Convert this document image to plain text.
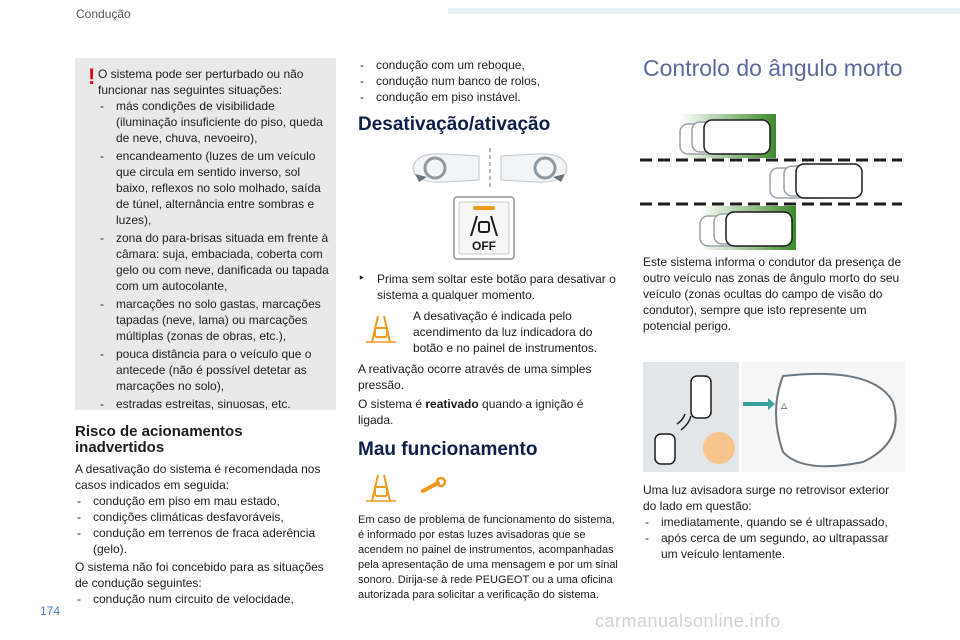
Condução
! O sistema pode ser perturbado ou não funcionar nas seguintes situações:
- más condições de visibilidade (iluminação insuficiente do piso, queda de neve, chuva, nevoeiro),
- encandeamento (luzes de um veículo que circula em sentido inverso, sol baixo, reflexos no solo molhado, saída de túnel, alternância entre sombras e luzes),
- zona do para-brisas situada em frente à câmara: suja, embaciada, coberta com gelo ou com neve, danificada ou tapada com um autocolante,
- marcações no solo gastas, marcações tapadas (neve, lama) ou marcações múltiplas (zonas de obras, etc.),
- pouca distância para o veículo que o antecede (não é possível detetar as marcações no solo),
- estradas estreitas, sinuosas, etc.
Risco de acionamentos inadvertidos
A desativação do sistema é recomendada nos casos indicados em seguida:
- condução em piso em mau estado,
- condições climáticas desfavoráveis,
- condução em terrenos de fraca aderência (gelo).
O sistema não foi concebido para as situações de condução seguintes:
- condução num circuito de velocidade,
- condução com um reboque,
- condução num banco de rolos,
- condução em piso instável.
Desativação/ativação
OFF
‣ Prima sem soltar este botão para desativar o sistema a qualquer momento.
A desativação é indicada pelo acendimento da luz indicadora do botão e no painel de instrumentos.
A reativação ocorre através de uma simples pressão.
O sistema é reativado quando a ignição é ligada.
Mau funcionamento
Em caso de problema de funcionamento do sistema, é informado por estas luzes avisadoras que se acendem no painel de instrumentos, acompanhadas pela apresentação de uma mensagem e por um sinal sonoro. Dirija-se à rede PEUGEOT ou a uma oficina autorizada para solicitar a verificação do sistema.
Controlo do ângulo morto
Este sistema informa o condutor da presença de outro veículo nas zonas de ângulo morto do seu veículo (zonas ocultas do campo de visão do condutor), sempre que isto represente um potencial perigo.
△
Uma luz avisadora surge no retrovisor exterior do lado em questão:
- imediatamente, quando se é ultrapassado,
- após cerca de um segundo, ao ultrapassar um veículo lentamente.
174	carmanualsonline.info
